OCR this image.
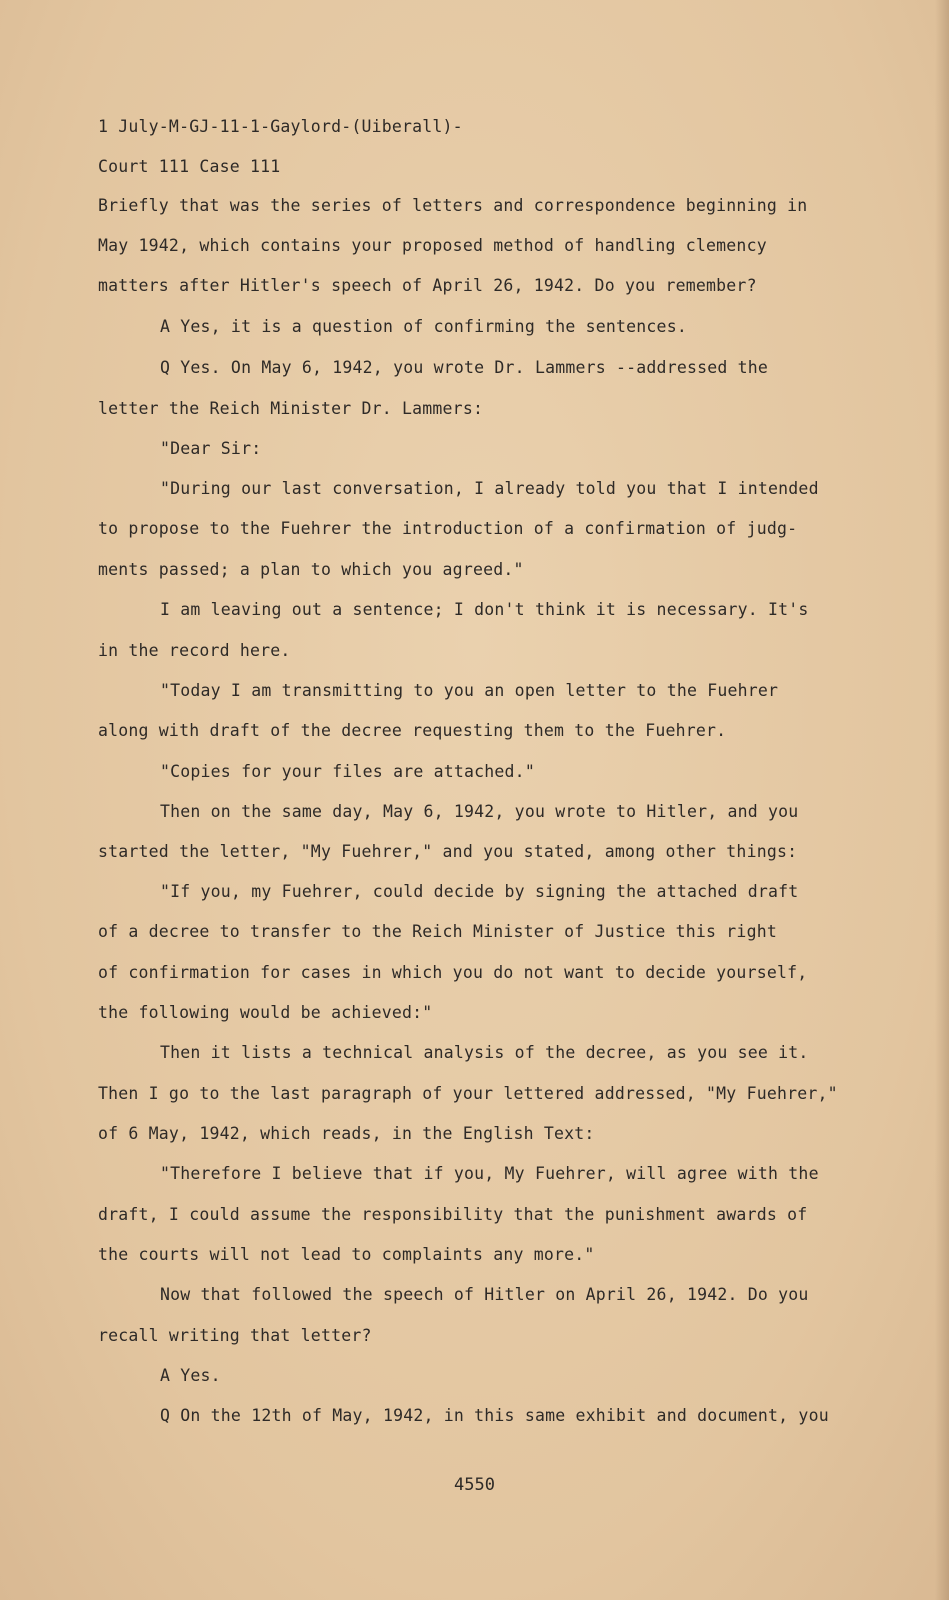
1 July-M-GJ-11-1-Gaylord-(Uiberall)-
Court 111 Case 111
Briefly that was the series of letters and correspondence beginning in
May 1942, which contains your proposed method of handling clemency
matters after Hitler's speech of April 26, 1942. Do you remember?
A Yes, it is a question of confirming the sentences.
Q Yes. On May 6, 1942, you wrote Dr. Lammers --addressed the
letter the Reich Minister Dr. Lammers:
"Dear Sir:
"During our last conversation, I already told you that I intended
to propose to the Fuehrer the introduction of a confirmation of judg-
ments passed; a plan to which you agreed."
I am leaving out a sentence; I don't think it is necessary. It's
in the record here.
"Today I am transmitting to you an open letter to the Fuehrer
along with draft of the decree requesting them to the Fuehrer.
"Copies for your files are attached."
Then on the same day, May 6, 1942, you wrote to Hitler, and you
started the letter, "My Fuehrer," and you stated, among other things:
"If you, my Fuehrer, could decide by signing the attached draft
of a decree to transfer to the Reich Minister of Justice this right
of confirmation for cases in which you do not want to decide yourself,
the following would be achieved:"
Then it lists a technical analysis of the decree, as you see it.
Then I go to the last paragraph of your lettered addressed, "My Fuehrer,"
of 6 May, 1942, which reads, in the English Text:
"Therefore I believe that if you, My Fuehrer, will agree with the
draft, I could assume the responsibility that the punishment awards of
the courts will not lead to complaints any more."
Now that followed the speech of Hitler on April 26, 1942. Do you
recall writing that letter?
A Yes.
Q On the 12th of May, 1942, in this same exhibit and document, you
4550
